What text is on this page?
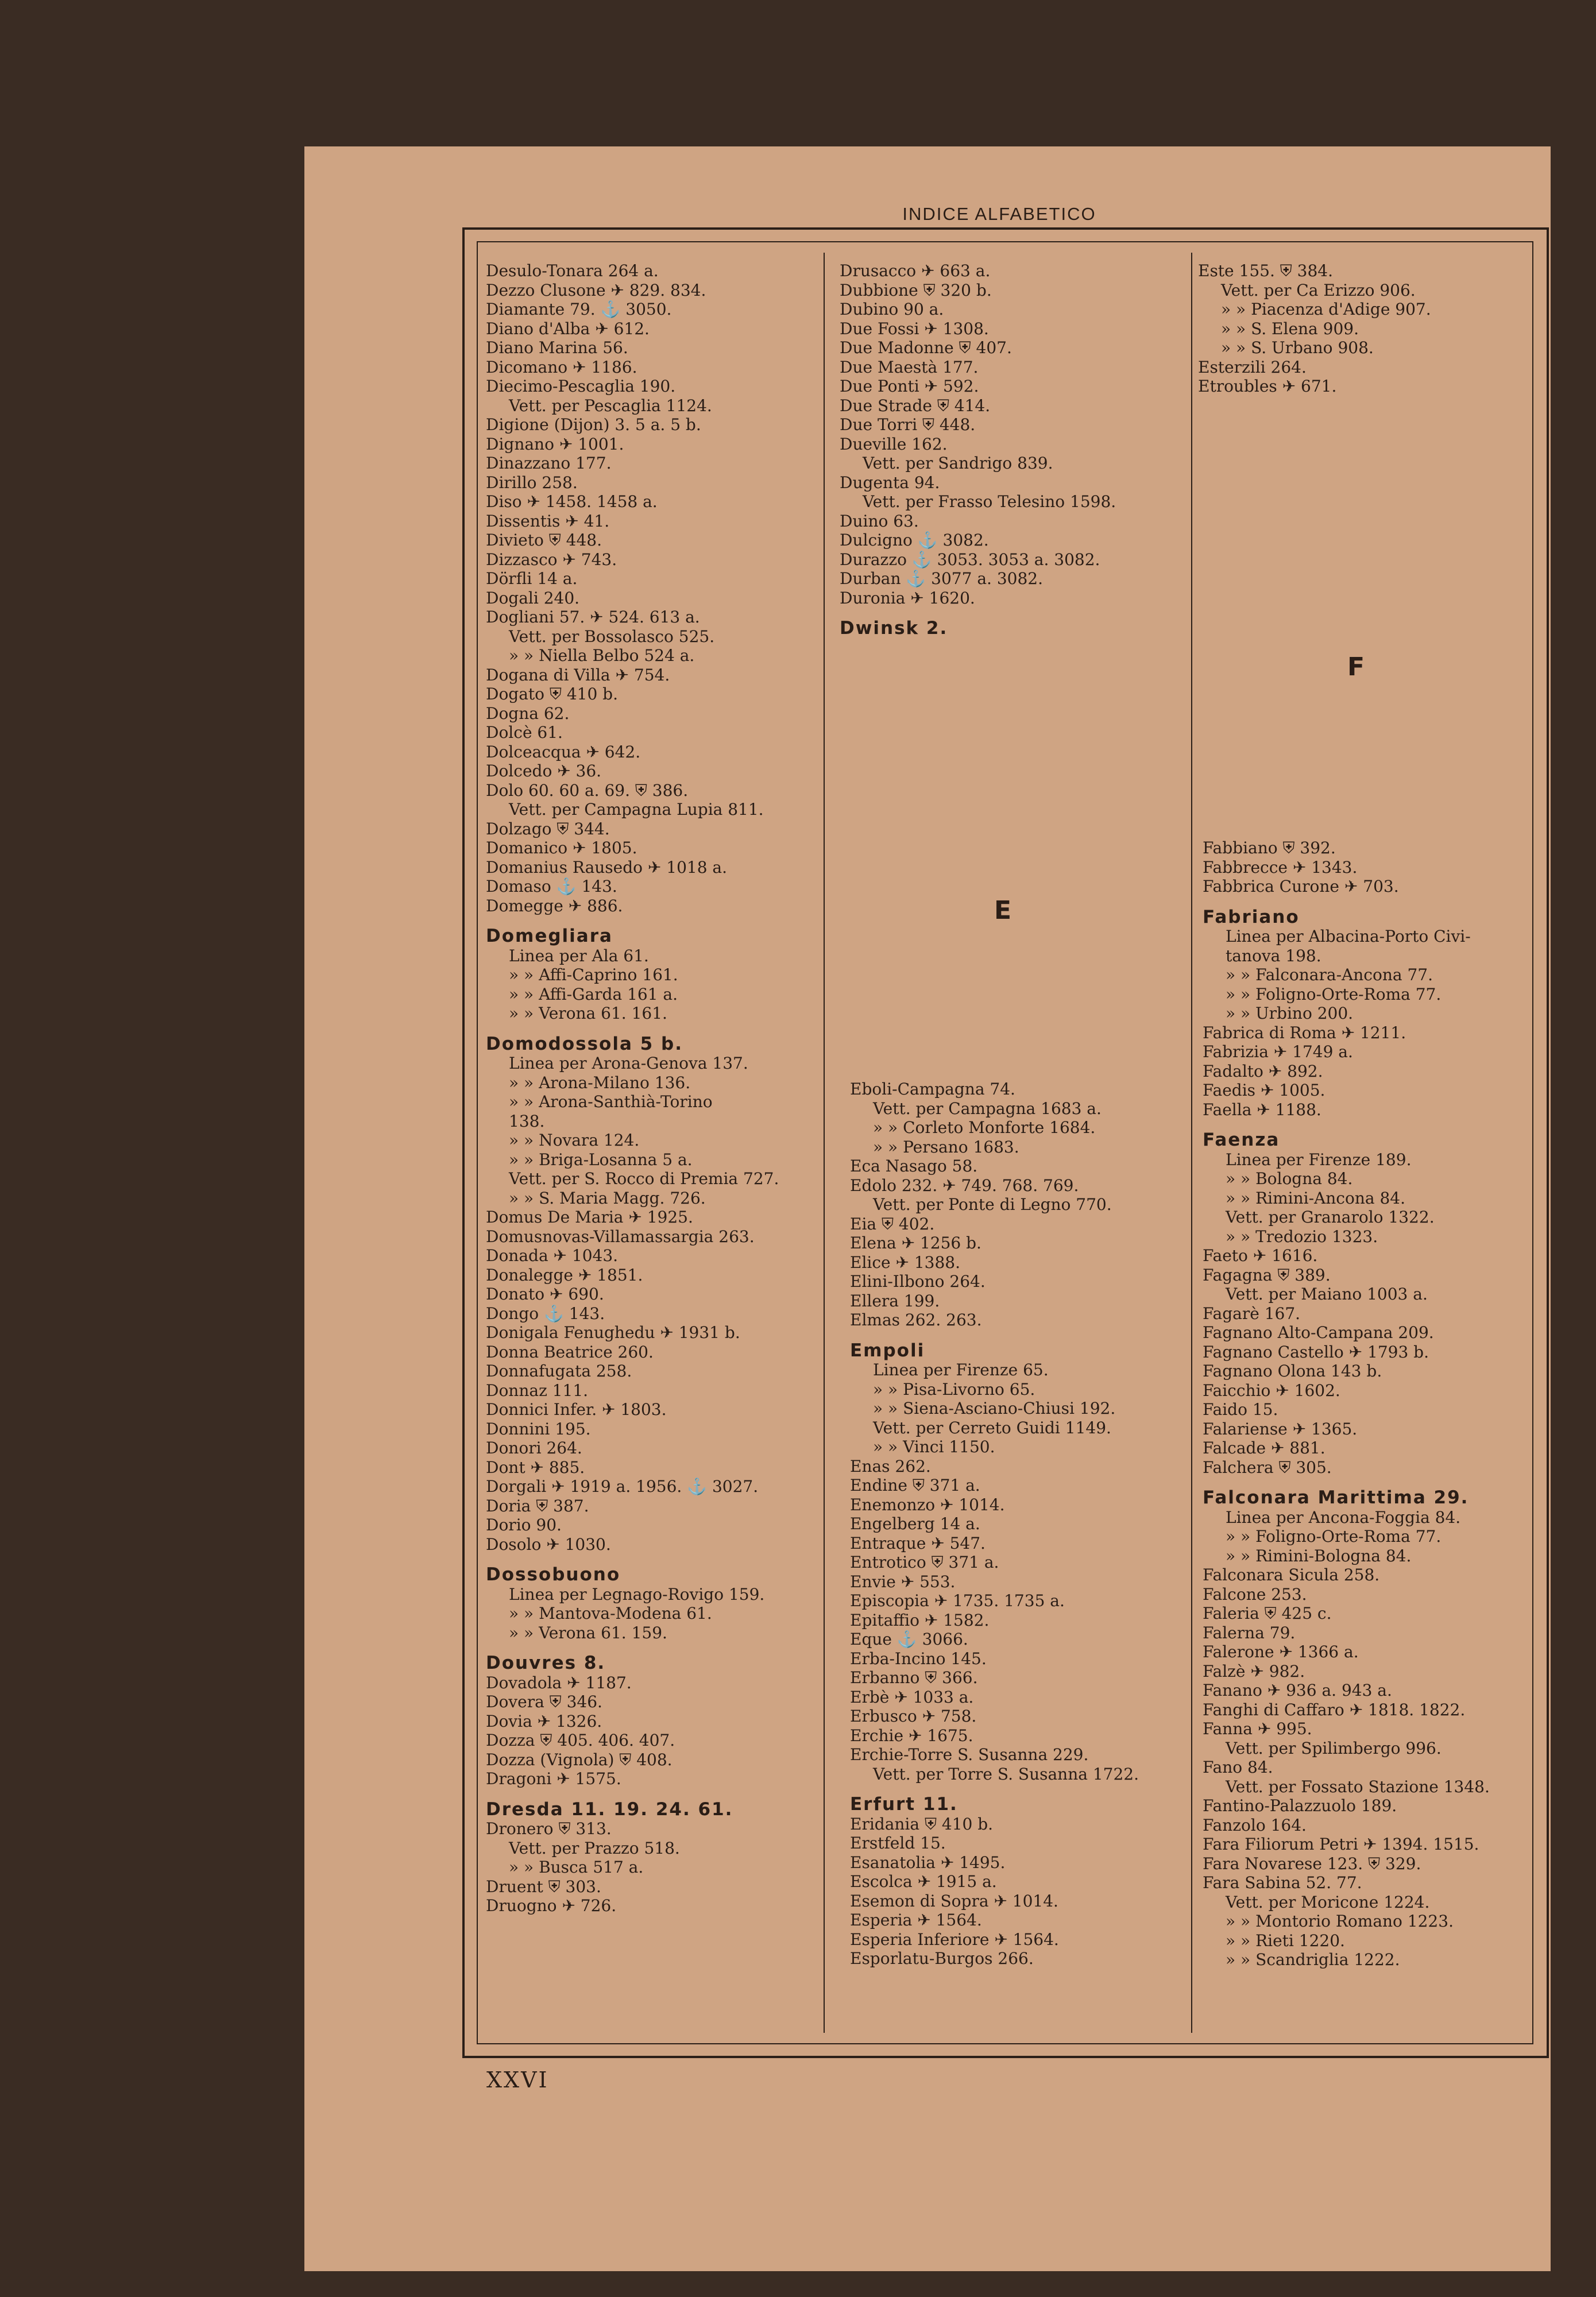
INDICE ALFABETICO
Desulo-Tonara 264 a.
Dezzo Clusone ✈ 829. 834.
Diamante 79. ⚓ 3050.
Diano d'Alba ✈ 612.
Diano Marina 56.
Dicomano ✈ 1186.
Diecimo-Pescaglia 190.
Vett. per Pescaglia 1124.
Digione (Dijon) 3. 5 a. 5 b.
Dignano ✈ 1001.
Dinazzano 177.
Dirillo 258.
Diso ✈ 1458. 1458 a.
Dissentis ✈ 41.
Divieto ⛨ 448.
Dizzasco ✈ 743.
Dörfli 14 a.
Dogali 240.
Dogliani 57. ✈ 524. 613 a.
Vett. per Bossolasco 525.
» » Niella Belbo 524 a.
Dogana di Villa ✈ 754.
Dogato ⛨ 410 b.
Dogna 62.
Dolcè 61.
Dolceacqua ✈ 642.
Dolcedo ✈ 36.
Dolo 60. 60 a. 69. ⛨ 386.
Vett. per Campagna Lupia 811.
Dolzago ⛨ 344.
Domanico ✈ 1805.
Domanius Rausedo ✈ 1018 a.
Domaso ⚓ 143.
Domegge ✈ 886.
Domegliara
Linea per Ala 61.
» » Affi-Caprino 161.
» » Affi-Garda 161 a.
» » Verona 61. 161.
Domodossola 5 b.
Linea per Arona-Genova 137.
» » Arona-Milano 136.
» » Arona-Santhià-Torino
138.
» » Novara 124.
» » Briga-Losanna 5 a.
Vett. per S. Rocco di Premia 727.
» » S. Maria Magg. 726.
Domus De Maria ✈ 1925.
Domusnovas-Villamassargia 263.
Donada ✈ 1043.
Donalegge ✈ 1851.
Donato ✈ 690.
Dongo ⚓ 143.
Donigala Fenughedu ✈ 1931 b.
Donna Beatrice 260.
Donnafugata 258.
Donnaz 111.
Donnici Infer. ✈ 1803.
Donnini 195.
Donori 264.
Dont ✈ 885.
Dorgali ✈ 1919 a. 1956. ⚓ 3027.
Doria ⛨ 387.
Dorio 90.
Dosolo ✈ 1030.
Dossobuono
Linea per Legnago-Rovigo 159.
» » Mantova-Modena 61.
» » Verona 61. 159.
Douvres 8.
Dovadola ✈ 1187.
Dovera ⛨ 346.
Dovia ✈ 1326.
Dozza ⛨ 405. 406. 407.
Dozza (Vignola) ⛨ 408.
Dragoni ✈ 1575.
Dresda 11. 19. 24. 61.
Dronero ⛨ 313.
Vett. per Prazzo 518.
» » Busca 517 a.
Druent ⛨ 303.
Druogno ✈ 726.
Drusacco ✈ 663 a.
Dubbione ⛨ 320 b.
Dubino 90 a.
Due Fossi ✈ 1308.
Due Madonne ⛨ 407.
Due Maestà 177.
Due Ponti ✈ 592.
Due Strade ⛨ 414.
Due Torri ⛨ 448.
Dueville 162.
Vett. per Sandrigo 839.
Dugenta 94.
Vett. per Frasso Telesino 1598.
Duino 63.
Dulcigno ⚓ 3082.
Durazzo ⚓ 3053. 3053 a. 3082.
Durban ⚓ 3077 a. 3082.
Duronia ✈ 1620.
Dwinsk 2.
Este 155. ⛨ 384.
Vett. per Ca Erizzo 906.
» » Piacenza d'Adige 907.
» » S. Elena 909.
» » S. Urbano 908.
Esterzili 264.
Etroubles ✈ 671.
Eboli-Campagna 74.
Vett. per Campagna 1683 a.
» » Corleto Monforte 1684.
» » Persano 1683.
Eca Nasago 58.
Edolo 232. ✈ 749. 768. 769.
Vett. per Ponte di Legno 770.
Eia ⛨ 402.
Elena ✈ 1256 b.
Elice ✈ 1388.
Elini-Ilbono 264.
Ellera 199.
Elmas 262. 263.
Empoli
Linea per Firenze 65.
» » Pisa-Livorno 65.
» » Siena-Asciano-Chiusi 192.
Vett. per Cerreto Guidi 1149.
» » Vinci 1150.
Enas 262.
Endine ⛨ 371 a.
Enemonzo ✈ 1014.
Engelberg 14 a.
Entraque ✈ 547.
Entrotico ⛨ 371 a.
Envie ✈ 553.
Episcopia ✈ 1735. 1735 a.
Epitaffio ✈ 1582.
Eque ⚓ 3066.
Erba-Incino 145.
Erbanno ⛨ 366.
Erbè ✈ 1033 a.
Erbusco ✈ 758.
Erchie ✈ 1675.
Erchie-Torre S. Susanna 229.
Vett. per Torre S. Susanna 1722.
Erfurt 11.
Eridania ⛨ 410 b.
Erstfeld 15.
Esanatolia ✈ 1495.
Escolca ✈ 1915 a.
Esemon di Sopra ✈ 1014.
Esperia ✈ 1564.
Esperia Inferiore ✈ 1564.
Esporlatu-Burgos 266.
Fabbiano ⛨ 392.
Fabbrecce ✈ 1343.
Fabbrica Curone ✈ 703.
Fabriano
Linea per Albacina-Porto Civi-
tanova 198.
» » Falconara-Ancona 77.
» » Foligno-Orte-Roma 77.
» » Urbino 200.
Fabrica di Roma ✈ 1211.
Fabrizia ✈ 1749 a.
Fadalto ✈ 892.
Faedis ✈ 1005.
Faella ✈ 1188.
Faenza
Linea per Firenze 189.
» » Bologna 84.
» » Rimini-Ancona 84.
Vett. per Granarolo 1322.
» » Tredozio 1323.
Faeto ✈ 1616.
Fagagna ⛨ 389.
Vett. per Maiano 1003 a.
Fagarè 167.
Fagnano Alto-Campana 209.
Fagnano Castello ✈ 1793 b.
Fagnano Olona 143 b.
Faicchio ✈ 1602.
Faido 15.
Falariense ✈ 1365.
Falcade ✈ 881.
Falchera ⛨ 305.
Falconara Marittima 29.
Linea per Ancona-Foggia 84.
» » Foligno-Orte-Roma 77.
» » Rimini-Bologna 84.
Falconara Sicula 258.
Falcone 253.
Faleria ⛨ 425 c.
Falerna 79.
Falerone ✈ 1366 a.
Falzè ✈ 982.
Fanano ✈ 936 a. 943 a.
Fanghi di Caffaro ✈ 1818. 1822.
Fanna ✈ 995.
Vett. per Spilimbergo 996.
Fano 84.
Vett. per Fossato Stazione 1348.
Fantino-Palazzuolo 189.
Fanzolo 164.
Fara Filiorum Petri ✈ 1394. 1515.
Fara Novarese 123. ⛨ 329.
Fara Sabina 52. 77.
Vett. per Moricone 1224.
» » Montorio Romano 1223.
» » Rieti 1220.
» » Scandriglia 1222.
E
F
XXVI
